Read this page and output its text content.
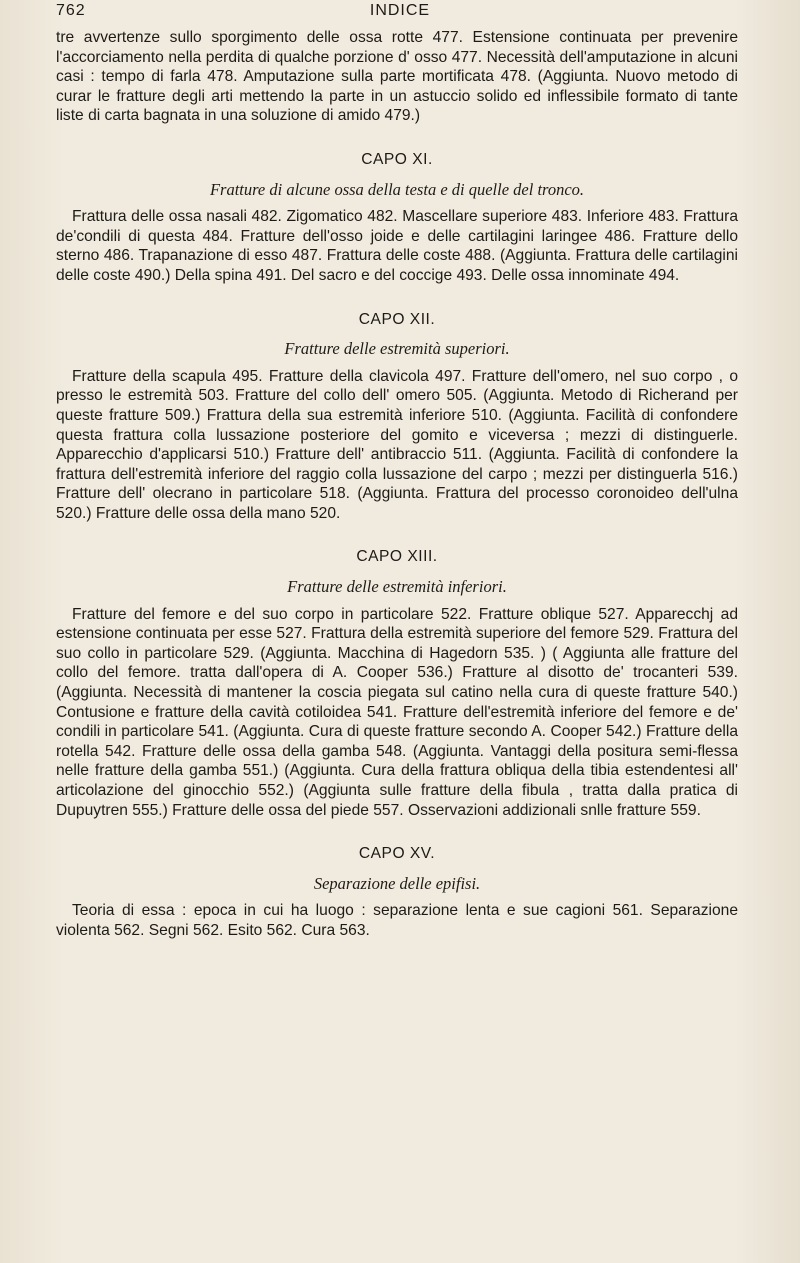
762	INDICE

tre avvertenze sullo sporgimento delle ossa rotte 477. Estensione continuata per prevenire l'accorciamento nella perdita di qualche porzione d' osso 477. Necessità dell'amputazione in alcuni casi : tempo di farla 478. Amputazione sulla parte mortificata 478. (Aggiunta. Nuovo metodo di curar le fratture degli arti mettendo la parte in un astuccio solido ed inflessibile formato di tante liste di carta bagnata in una soluzione di amido 479.)

CAPO XI.
Fratture di alcune ossa della testa e di quelle del tronco.

Frattura delle ossa nasali 482. Zigomatico 482. Mascellare superiore 483. Inferiore 483. Frattura de'condili di questa 484. Fratture dell'osso joide e delle cartilagini laringee 486. Fratture dello sterno 486. Trapanazione di esso 487. Frattura delle coste 488. (Aggiunta. Frattura delle cartilagini delle coste 490.) Della spina 491. Del sacro e del coccige 493. Delle ossa innominate 494.

CAPO XII.
Fratture delle estremità superiori.

Fratture della scapula 495. Fratture della clavicola 497. Fratture dell'omero, nel suo corpo , o presso le estremità 503. Fratture del collo dell' omero 505. (Aggiunta. Metodo di Richerand per queste fratture 509.) Frattura della sua estremità inferiore 510. (Aggiunta. Facilità di confondere questa frattura colla lussazione posteriore del gomito e viceversa ; mezzi di distinguerle. Apparecchio d'applicarsi 510.) Fratture dell' antibraccio 511. (Aggiunta. Facilità di confondere la frattura dell'estremità inferiore del raggio colla lussazione del carpo ; mezzi per distinguerla 516.) Fratture dell' olecrano in particolare 518. (Aggiunta. Frattura del processo coronoideo dell'ulna 520.) Fratture delle ossa della mano 520.

CAPO XIII.
Fratture delle estremità inferiori.

Fratture del femore e del suo corpo in particolare 522. Fratture oblique 527. Apparecchj ad estensione continuata per esse 527. Frattura della estremità superiore del femore 529. Frattura del suo collo in particolare 529. (Aggiunta. Macchina di Hagedorn 535. ) ( Aggiunta alle fratture del collo del femore. tratta dall'opera di A. Cooper 536.) Fratture al disotto de' trocanteri 539. (Aggiunta. Necessità di mantener la coscia piegata sul catino nella cura di queste fratture 540.) Contusione e fratture della cavità cotiloidea 541. Fratture dell'estremità inferiore del femore e de' condili in particolare 541. (Aggiunta. Cura di queste fratture secondo A. Cooper 542.) Fratture della rotella 542. Fratture delle ossa della gamba 548. (Aggiunta. Vantaggi della positura semi-flessa nelle fratture della gamba 551.) (Aggiunta. Cura della frattura obliqua della tibia estendentesi all' articolazione del ginocchio 552.) (Aggiunta sulle fratture della fibula , tratta dalla pratica di Dupuytren 555.) Fratture delle ossa del piede 557. Osservazioni addizionali snlle fratture 559.

CAPO XV.
Separazione delle epifisi.

Teoria di essa : epoca in cui ha luogo : separazione lenta e sue cagioni 561. Separazione violenta 562. Segni 562. Esito 562. Cura 563.
